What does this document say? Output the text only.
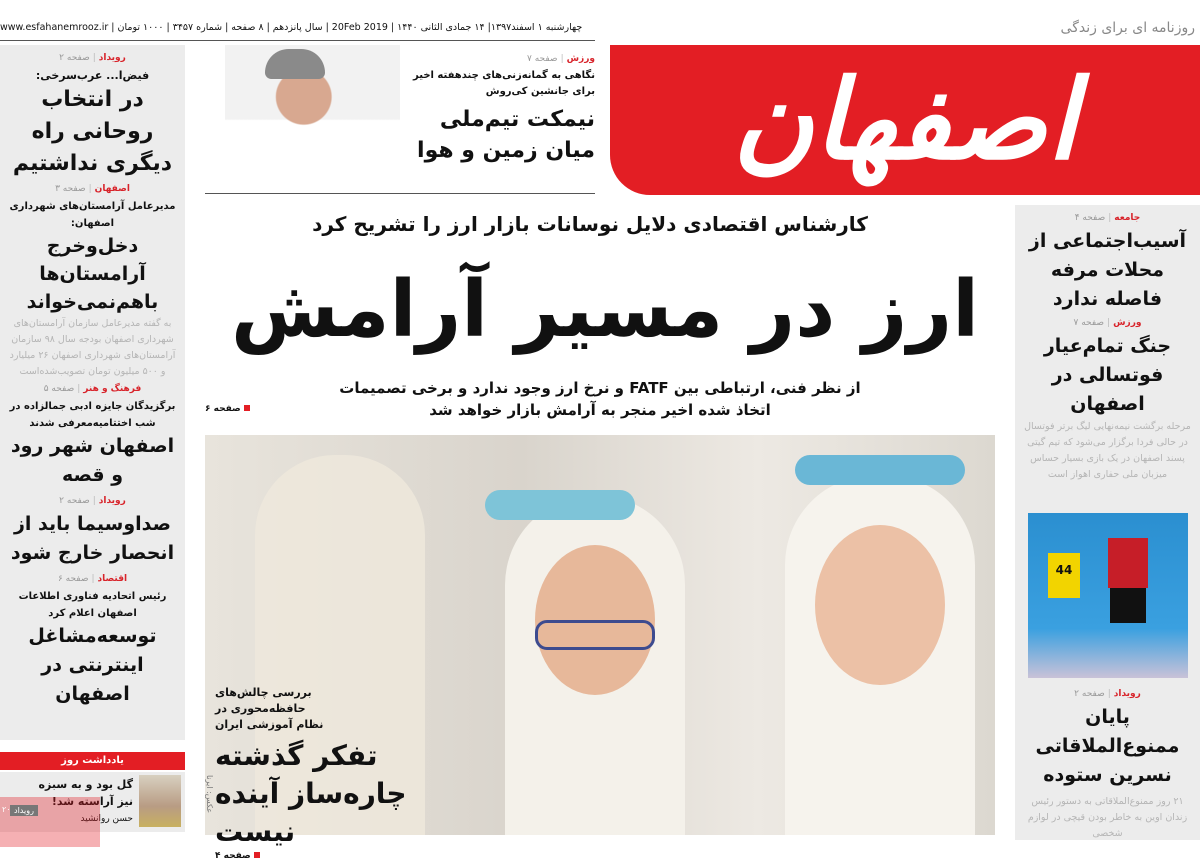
چهارشنبه ۱ اسفند۱۳۹۷| ۱۴ جمادی الثانی ۱۴۴۰ | 20Feb 2019 | سال پانزدهم | ۸ صفحه | شماره ۳۴۵۷ | ۱۰۰۰ تومان | www.esfahanemrooz.ir	روزنامه ای برای زندگی
اصفهان
رویداد|صفحه ۲
فیض‌ا... عرب‌سرخی:
در انتخاب روحانی راه دیگری نداشتیم
اصفهان|صفحه ۳
مدیرعامل آرامستان‌های شهرداری اصفهان:
دخل‌وخرج آرامستان‌ها باهم‌نمی‌خواند
به گفته مدیرعامل سازمان آرامستان‌های شهرداری اصفهان بودجه سال ۹۸ سازمان آرامستان‌های شهرداری اصفهان ۲۶ میلیارد و ۵۰۰ میلیون تومان تصویب‌شده‌است
فرهنگ و هنر|صفحه ۵
برگزیدگان جایزه ادبی جمالزاده در شب اختتامیه‌معرفی شدند
اصفهان شهر رود و قصه
رویداد|صفحه ۲
صداوسیما باید از انحصار خارج شود
اقتصاد|صفحه ۶
رئیس اتحادیه فناوری اطلاعات اصفهان اعلام کرد
توسعه‌مشاغل اینترنتی در اصفهان
یادداشت روز
گل بود و به سبزه نیز آراسته شد!
حسن روانشید
رویداد
۲۰
ورزش|صفحه ۷
نگاهی به گمانه‌زنی‌های چندهفته اخیر برای جانشین کی‌روش
نیمکت تیم‌ملی میان زمین و هوا
کارشناس اقتصادی دلایل نوسانات بازار ارز را تشریح کرد
ارز در مسیر آرامش
از نظر فنی، ارتباطی بین FATF و نرخ ارز وجود ندارد و برخی تصمیمات اتخاذ شده اخیر منجر به آرامش بازار خواهد شد
صفحه ۶
عکس: ایرنا
بررسی چالش‌های حافظه‌محوری در نظام آموزشی ایران
تفکر گذشته چاره‌ساز آینده نیست
صفحه ۴
جامعه|صفحه ۴
آسیب‌اجتماعی از محلات مرفه فاصله ندارد
ورزش|صفحه ۷
جنگ تمام‌عیار فوتسالی در اصفهان
مرحله برگشت نیمه‌نهایی لیگ برتر فوتسال در حالی فردا برگزار می‌شود که تیم گیتی پسند اصفهان در یک بازی بسیار حساس میزبان ملی حفاری اهواز است
44
رویداد|صفحه ۲
پایان ممنوع‌الملاقاتی نسرین ستوده
۲۱ روز ممنوع‌الملاقاتی به دستور رئیس زندان اوین به خاطر بودن قیچی در لوازم شخصی
